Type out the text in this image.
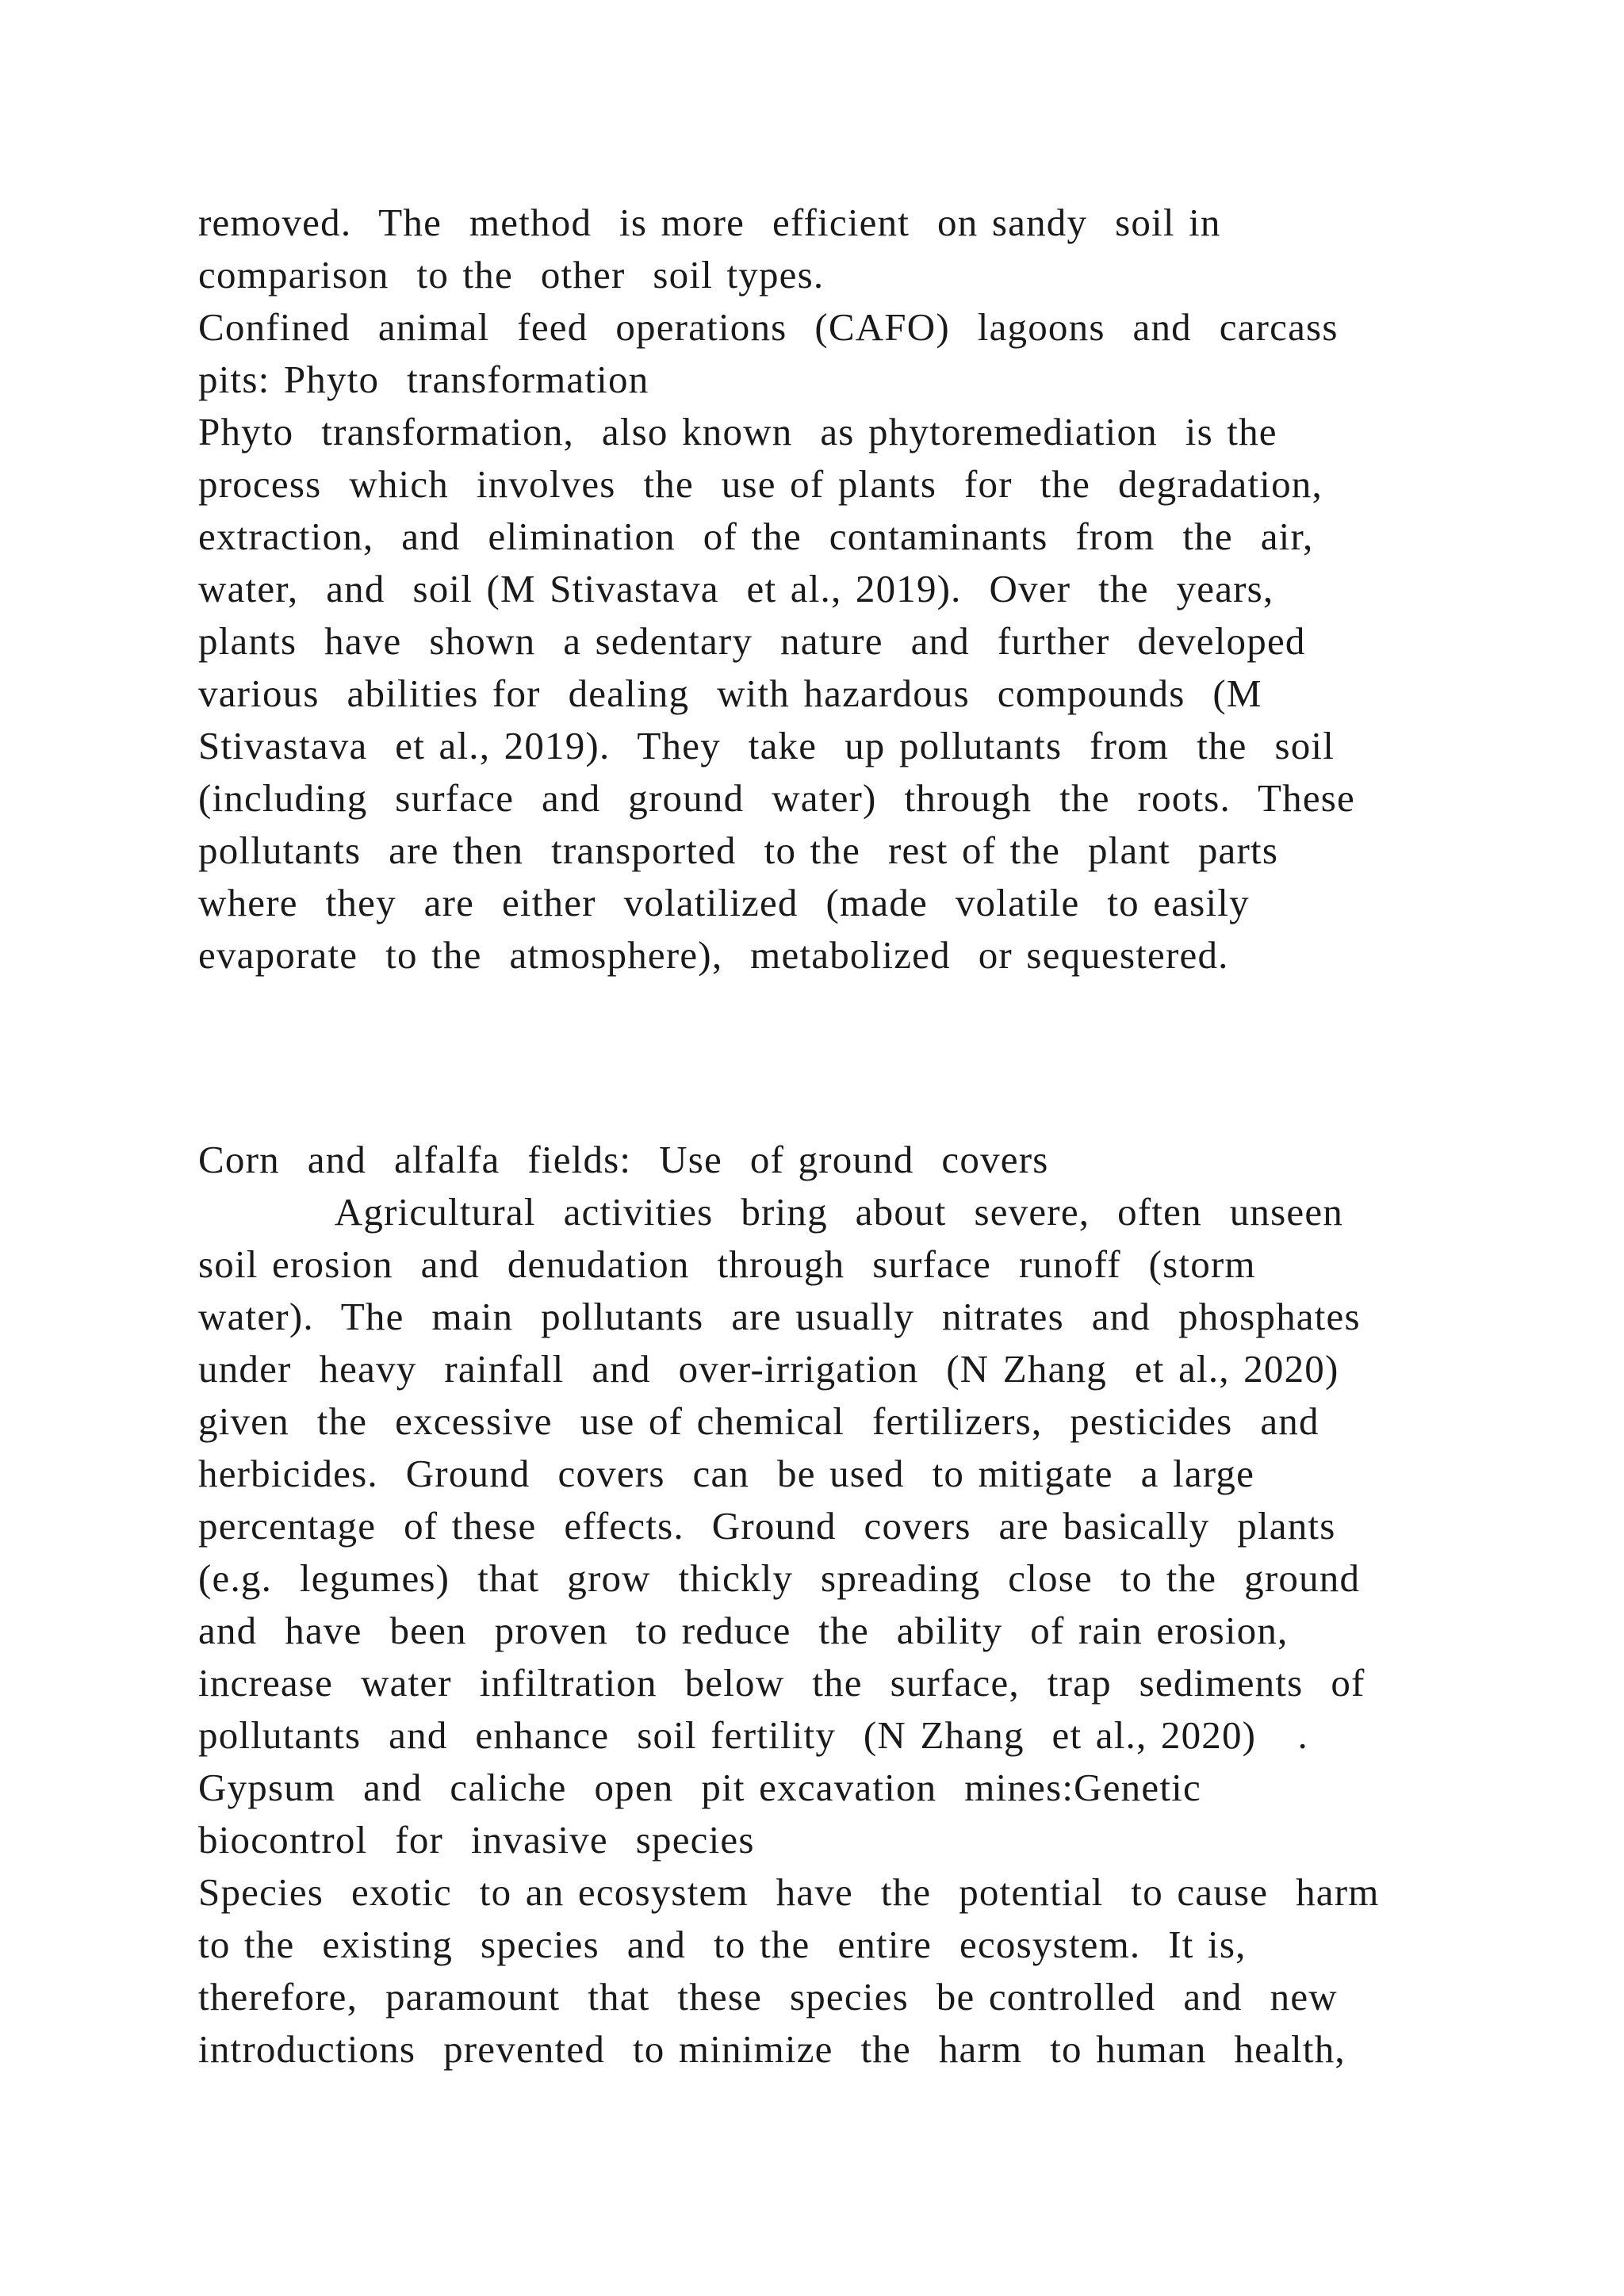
removed.  The  method  is more  efficient  on sandy  soil in
comparison  to the  other  soil types.
Confined  animal  feed  operations  (CAFO)  lagoons  and  carcass
pits: Phyto  transformation
Phyto  transformation,  also known  as phytoremediation  is the
process  which  involves  the  use of plants  for  the  degradation,
extraction,  and  elimination  of the  contaminants  from  the  air,
water,  and  soil (M Stivastava  et al., 2019).  Over  the  years,
plants  have  shown  a sedentary  nature  and  further  developed
various  abilities for  dealing  with hazardous  compounds  (M
Stivastava  et al., 2019).  They  take  up pollutants  from  the  soil
(including  surface  and  ground  water)  through  the  roots.  These
pollutants  are then  transported  to the  rest of the  plant  parts
where  they  are  either  volatilized  (made  volatile  to easily
evaporate  to the  atmosphere),  metabolized  or sequestered.
Corn  and  alfalfa  fields:  Use  of ground  covers
Agricultural  activities  bring  about  severe,  often  unseen
soil erosion  and  denudation  through  surface  runoff  (storm
water).  The  main  pollutants  are usually  nitrates  and  phosphates
under  heavy  rainfall  and  over-irrigation  (N Zhang  et al., 2020)
given  the  excessive  use of chemical  fertilizers,  pesticides  and
herbicides.  Ground  covers  can  be used  to mitigate  a large
percentage  of these  effects.  Ground  covers  are basically  plants
(e.g.  legumes)  that  grow  thickly  spreading  close  to the  ground
and  have  been  proven  to reduce  the  ability  of rain erosion,
increase  water  infiltration  below  the  surface,  trap  sediments  of
pollutants  and  enhance  soil fertility  (N Zhang  et al., 2020)   .
Gypsum  and  caliche  open  pit excavation  mines:Genetic
biocontrol  for  invasive  species
Species  exotic  to an ecosystem  have  the  potential  to cause  harm
to the  existing  species  and  to the  entire  ecosystem.  It is,
therefore,  paramount  that  these  species  be controlled  and  new
introductions  prevented  to minimize  the  harm  to human  health,
